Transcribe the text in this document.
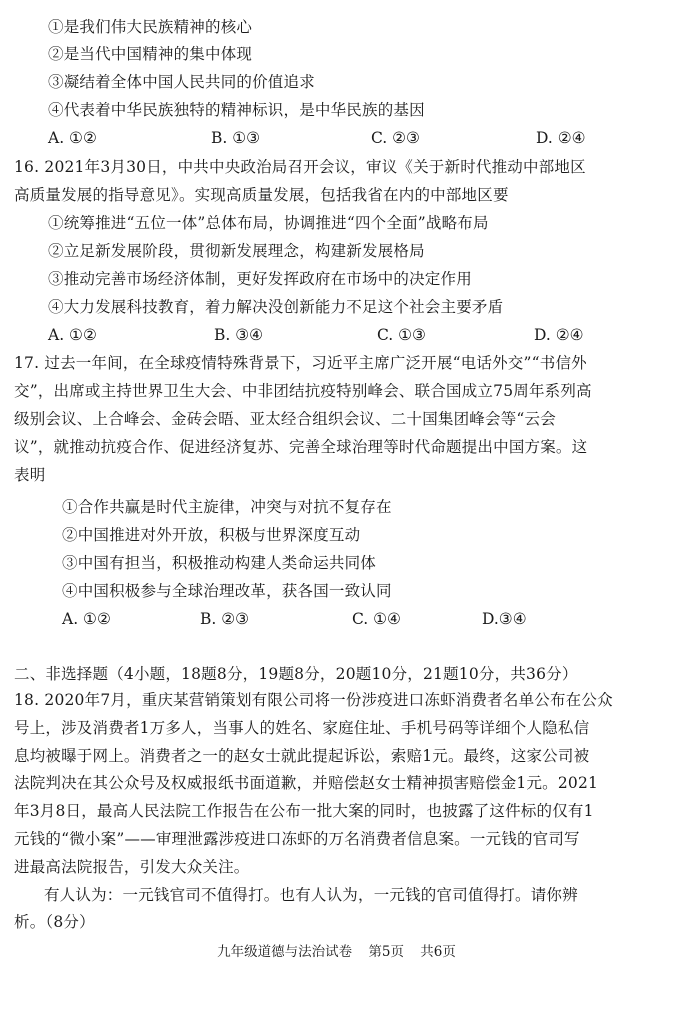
①是我们伟大民族精神的核心
②是当代中国精神的集中体现
③凝结着全体中国人民共同的价值追求
④代表着中华民族独特的精神标识，是中华民族的基因
A. ①②	B. ①③	C. ②③	D. ②④
16. 2021年3月30日，中共中央政治局召开会议，审议《关于新时代推动中部地区
高质量发展的指导意见》。实现高质量发展，包括我省在内的中部地区要
①统筹推进“五位一体”总体布局，协调推进“四个全面”战略布局
②立足新发展阶段，贯彻新发展理念，构建新发展格局
③推动完善市场经济体制，更好发挥政府在市场中的决定作用
④大力发展科技教育，着力解决没创新能力不足这个社会主要矛盾
A. ①②	B. ③④	C. ①③	D. ②④
17. 过去一年间，在全球疫情特殊背景下，习近平主席广泛开展“电话外交”“书信外
交”，出席或主持世界卫生大会、中非团结抗疫特别峰会、联合国成立75周年系列高
级别会议、上合峰会、金砖会晤、亚太经合组织会议、二十国集团峰会等“云会
议”，就推动抗疫合作、促进经济复苏、完善全球治理等时代命题提出中国方案。这
表明
①合作共赢是时代主旋律，冲突与对抗不复存在
②中国推进对外开放，积极与世界深度互动
③中国有担当，积极推动构建人类命运共同体
④中国积极参与全球治理改革，获各国一致认同
A. ①②	B. ②③	C. ①④	D.③④
二、非选择题（4小题，18题8分，19题8分，20题10分，21题10分，共36分）
18. 2020年7月，重庆某营销策划有限公司将一份涉疫进口冻虾消费者名单公布在公众
号上，涉及消费者1万多人，当事人的姓名、家庭住址、手机号码等详细个人隐私信
息均被曝于网上。消费者之一的赵女士就此提起诉讼，索赔1元。最终，这家公司被
法院判决在其公众号及权威报纸书面道歉，并赔偿赵女士精神损害赔偿金1元。2021
年3月8日，最高人民法院工作报告在公布一批大案的同时，也披露了这件标的仅有1
元钱的“微小案”——审理泄露涉疫进口冻虾的万名消费者信息案。一元钱的官司写
进最高法院报告，引发大众关注。
有人认为：一元钱官司不值得打。也有人认为，一元钱的官司值得打。请你辨
析。（8分）
九年级道德与法治试卷 第5页 共6页
